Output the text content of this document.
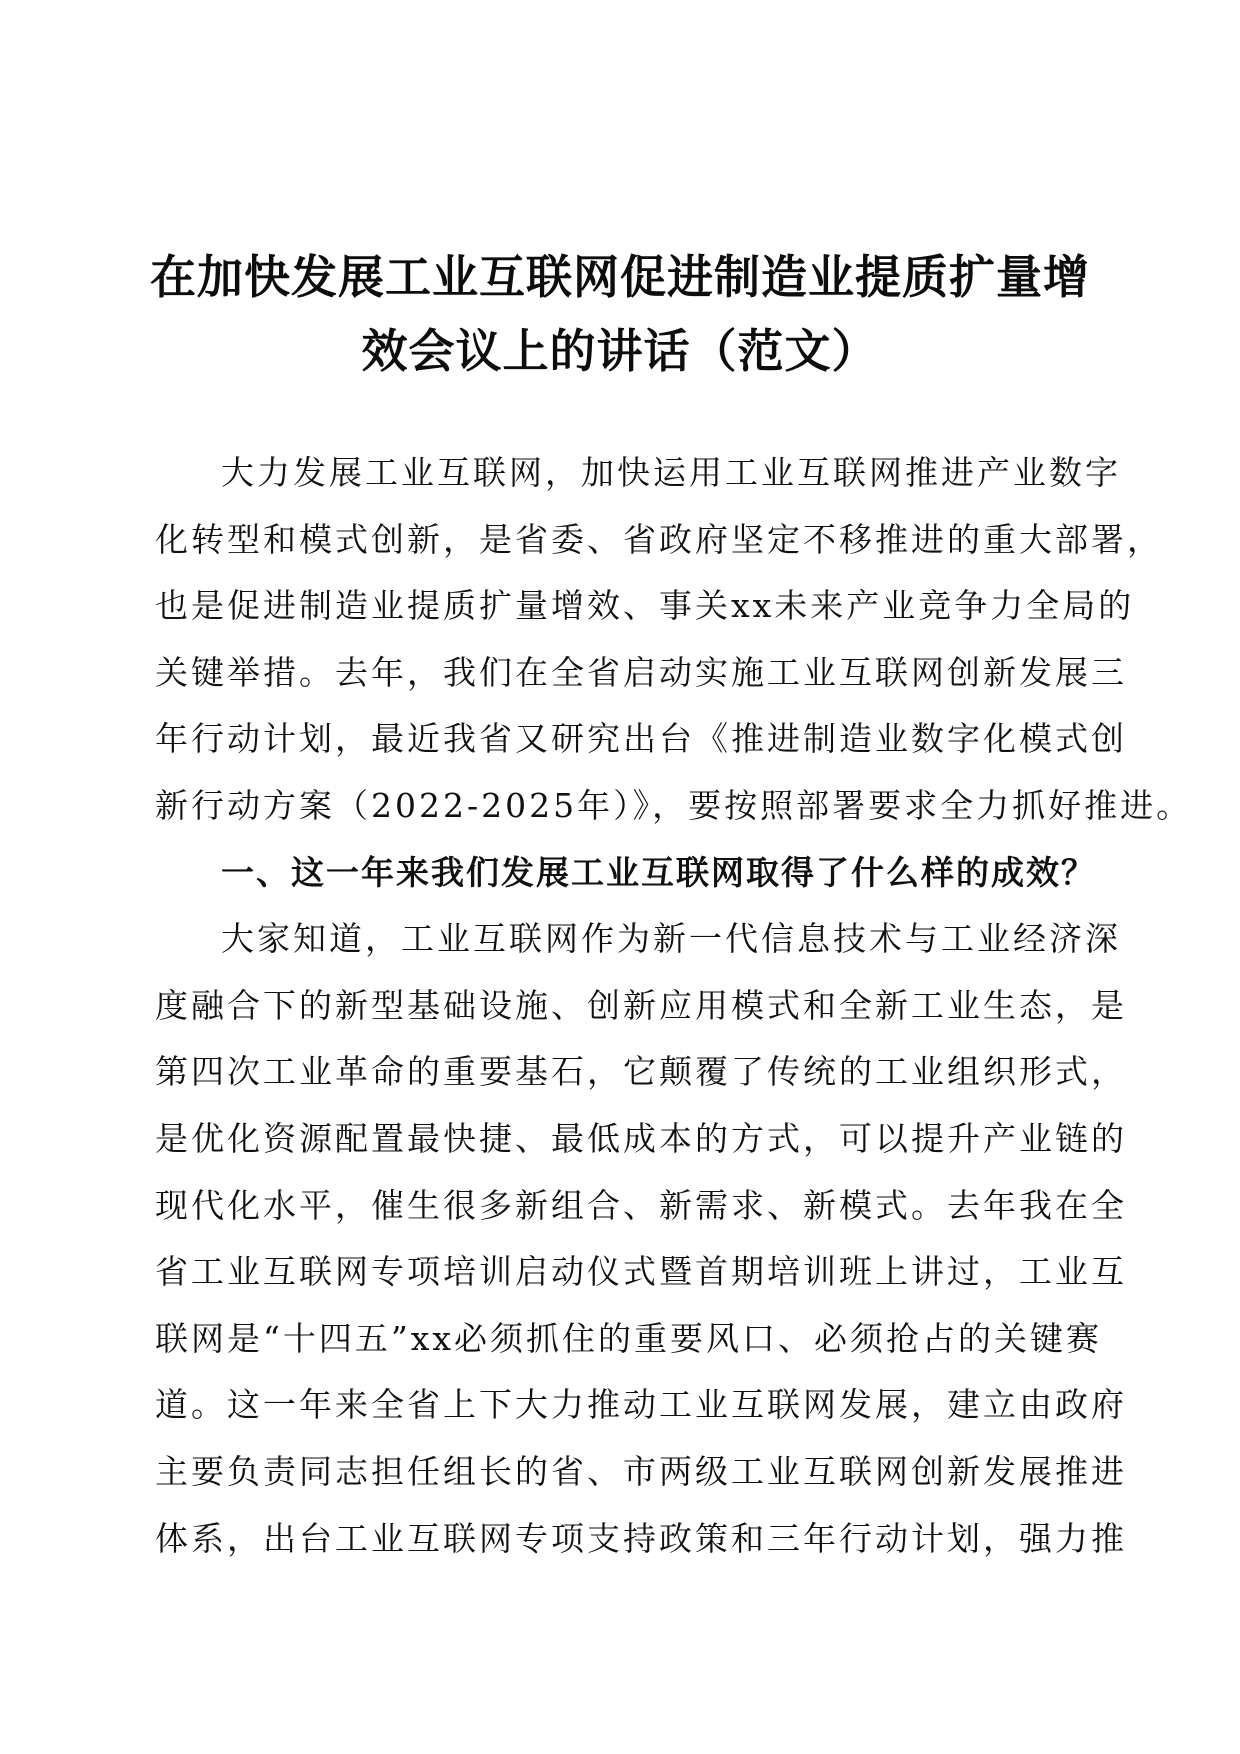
在加快发展工业互联网促进制造业提质扩量增
效会议上的讲话（范文）
大力发展工业互联网，加快运用工业互联网推进产业数字
化转型和模式创新，是省委、省政府坚定不移推进的重大部署，
也是促进制造业提质扩量增效、事关xx未来产业竞争力全局的
关键举措。去年，我们在全省启动实施工业互联网创新发展三
年行动计划，最近我省又研究出台《推进制造业数字化模式创
新行动方案（2022-2025年）》，要按照部署要求全力抓好推进。
一、这一年来我们发展工业互联网取得了什么样的成效？
大家知道，工业互联网作为新一代信息技术与工业经济深
度融合下的新型基础设施、创新应用模式和全新工业生态，是
第四次工业革命的重要基石，它颠覆了传统的工业组织形式，
是优化资源配置最快捷、最低成本的方式，可以提升产业链的
现代化水平，催生很多新组合、新需求、新模式。去年我在全
省工业互联网专项培训启动仪式暨首期培训班上讲过，工业互
联网是“十四五”xx必须抓住的重要风口、必须抢占的关键赛
道。这一年来全省上下大力推动工业互联网发展，建立由政府
主要负责同志担任组长的省、市两级工业互联网创新发展推进
体系，出台工业互联网专项支持政策和三年行动计划，强力推
